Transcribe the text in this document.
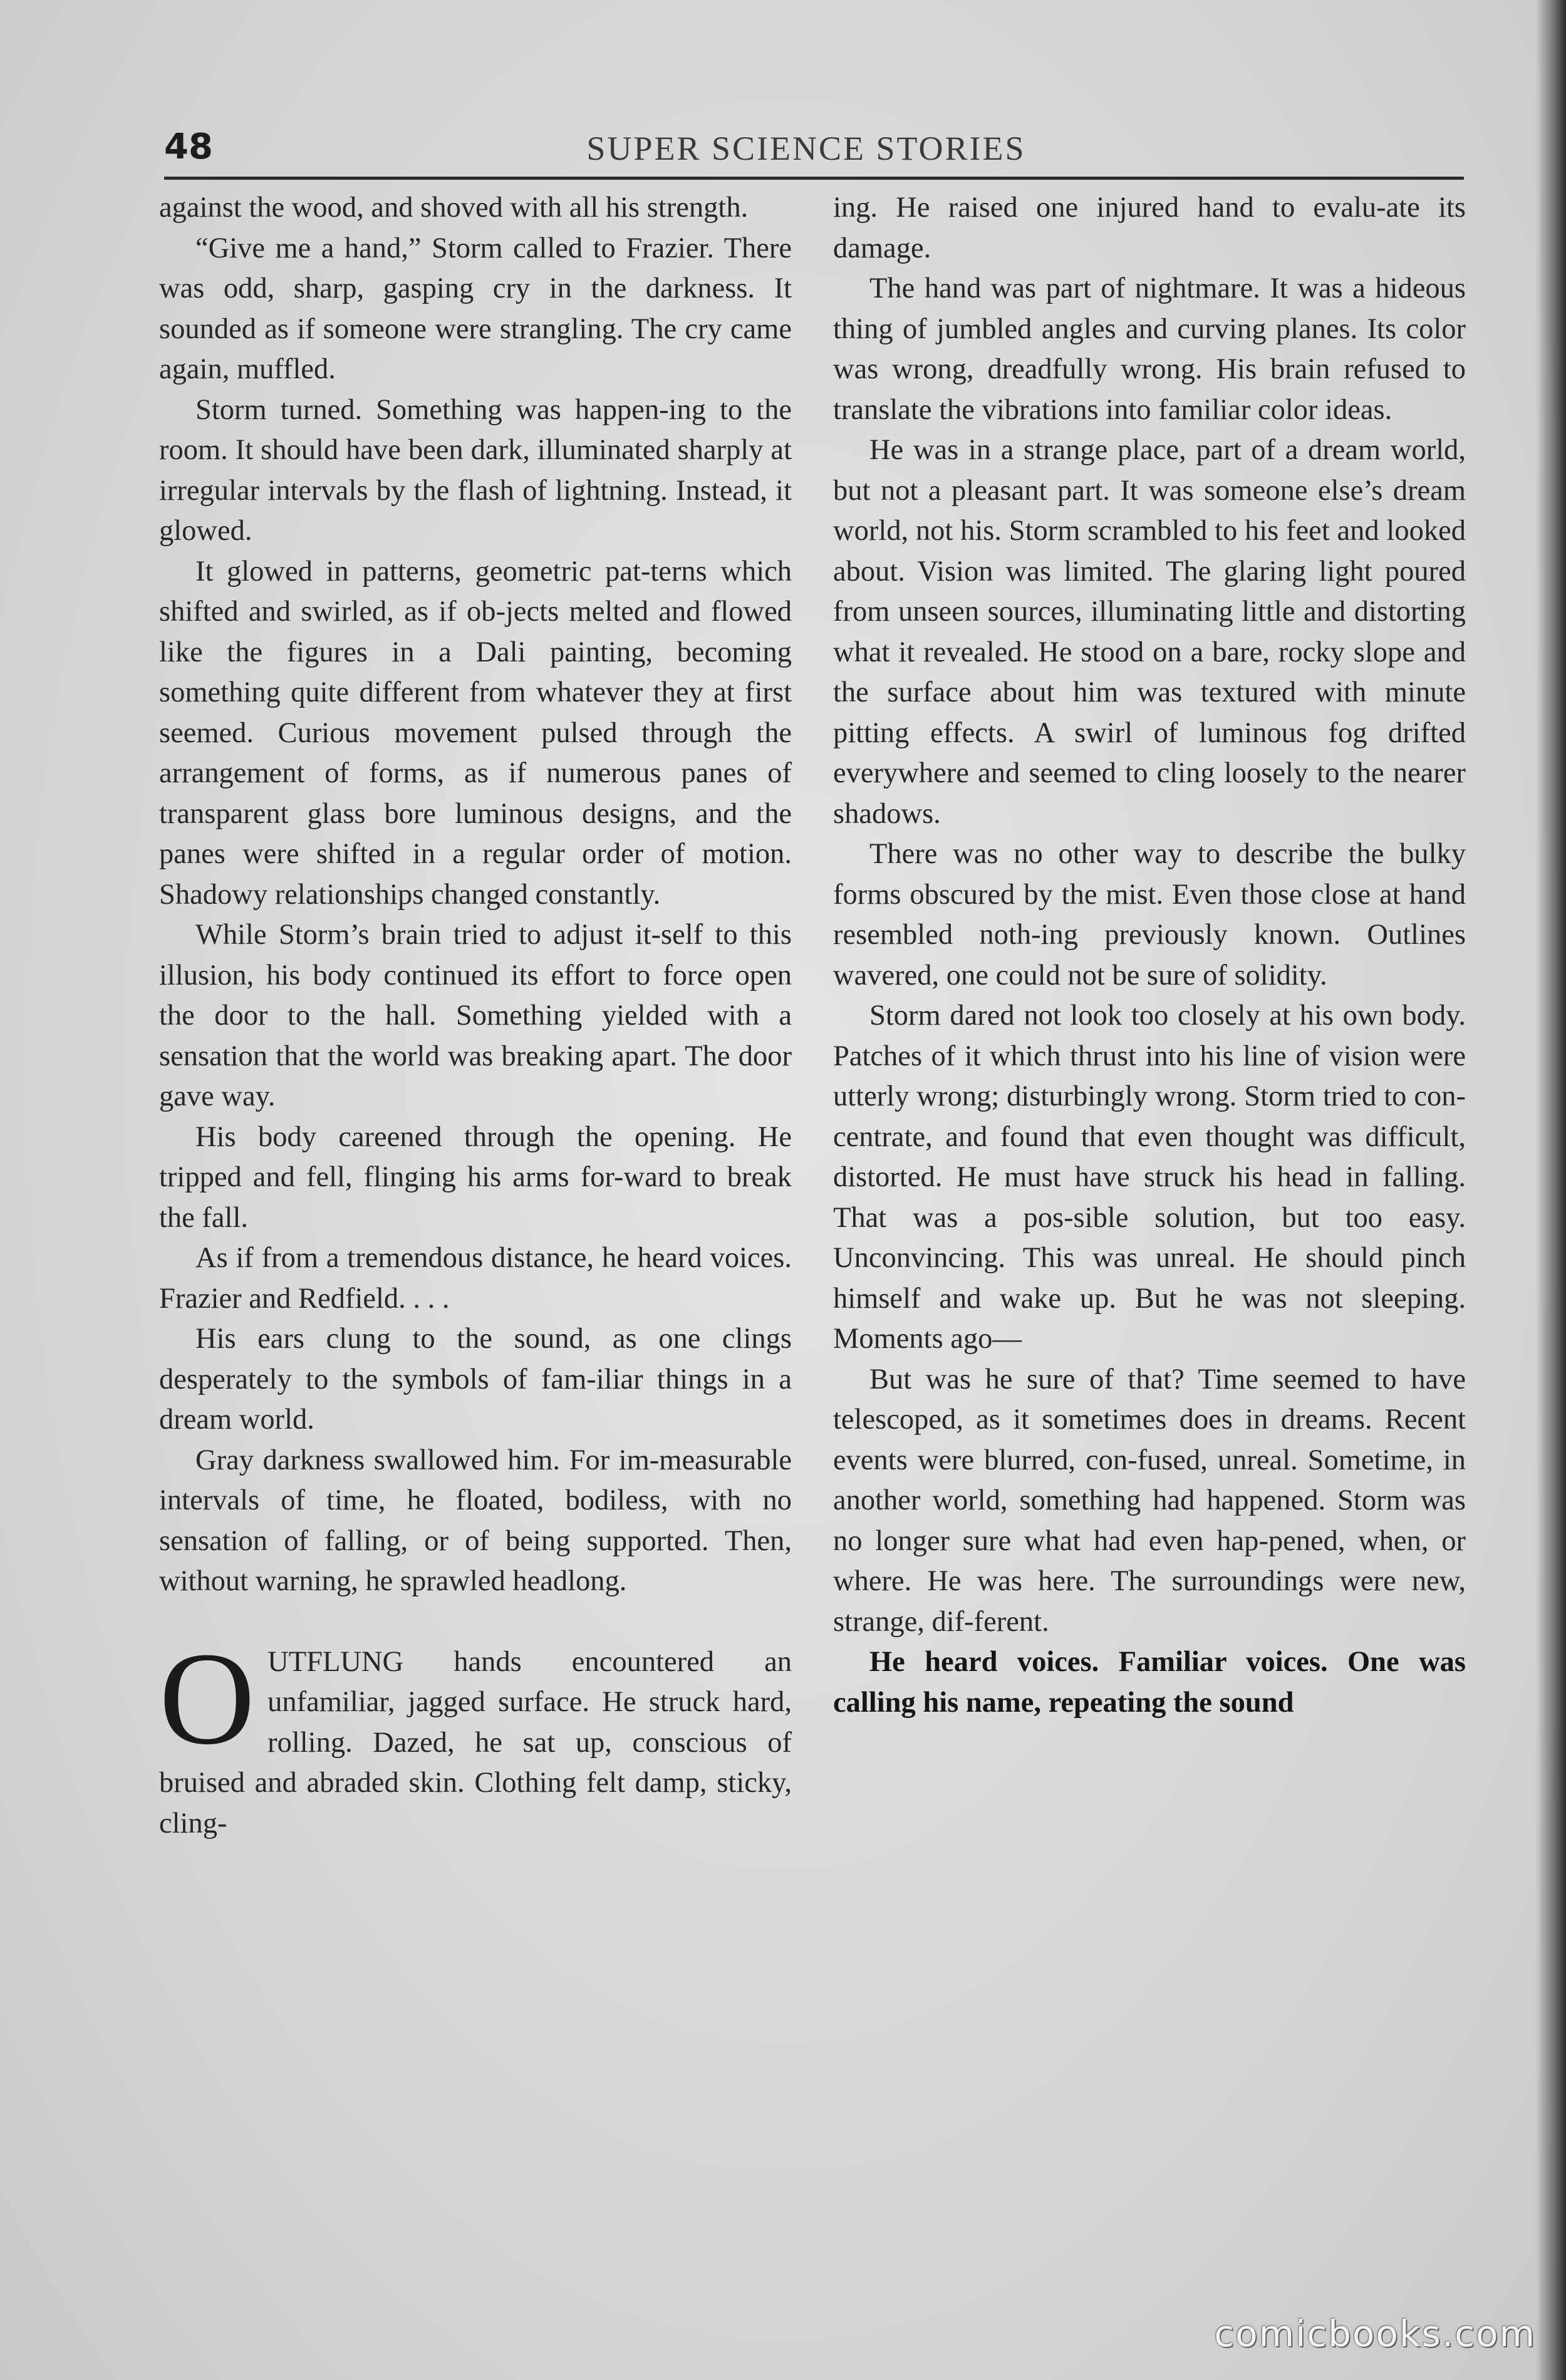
48	SUPER SCIENCE STORIES

against the wood, and shoved with all his strength.

“Give me a hand,” Storm called to Frazier. There was odd, sharp, gasping cry in the darkness. It sounded as if someone were strangling. The cry came again, muffled.

Storm turned. Something was happen-ing to the room. It should have been dark, illuminated sharply at irregular intervals by the flash of lightning. Instead, it glowed.

It glowed in patterns, geometric pat-terns which shifted and swirled, as if ob-jects melted and flowed like the figures in a Dali painting, becoming something quite different from whatever they at first seemed. Curious movement pulsed through the arrangement of forms, as if numerous panes of transparent glass bore luminous designs, and the panes were shifted in a regular order of motion. Shadowy relationships changed constantly.

While Storm’s brain tried to adjust it-self to this illusion, his body continued its effort to force open the door to the hall. Something yielded with a sensation that the world was breaking apart. The door gave way.

His body careened through the opening. He tripped and fell, flinging his arms for-ward to break the fall.

As if from a tremendous distance, he heard voices. Frazier and Redfield. . . .

His ears clung to the sound, as one clings desperately to the symbols of fam-iliar things in a dream world.

Gray darkness swallowed him. For im-measurable intervals of time, he floated, bodiless, with no sensation of falling, or of being supported. Then, without warning, he sprawled headlong.

OUTFLUNG hands encountered an unfamiliar, jagged surface. He struck hard, rolling. Dazed, he sat up, conscious of bruised and abraded skin. Clothing felt damp, sticky, cling-

ing. He raised one injured hand to evalu-ate its damage.

The hand was part of nightmare. It was a hideous thing of jumbled angles and curving planes. Its color was wrong, dreadfully wrong. His brain refused to translate the vibrations into familiar color ideas.

He was in a strange place, part of a dream world, but not a pleasant part. It was someone else’s dream world, not his. Storm scrambled to his feet and looked about. Vision was limited. The glaring light poured from unseen sources, illuminating little and distorting what it revealed. He stood on a bare, rocky slope and the surface about him was textured with minute pitting effects. A swirl of luminous fog drifted everywhere and seemed to cling loosely to the nearer shadows.

There was no other way to describe the bulky forms obscured by the mist. Even those close at hand resembled noth-ing previously known. Outlines wavered, one could not be sure of solidity.

Storm dared not look too closely at his own body. Patches of it which thrust into his line of vision were utterly wrong; disturbingly wrong. Storm tried to con-centrate, and found that even thought was difficult, distorted. He must have struck his head in falling. That was a pos-sible solution, but too easy. Unconvincing. This was unreal. He should pinch himself and wake up. But he was not sleeping. Moments ago—

But was he sure of that? Time seemed to have telescoped, as it sometimes does in dreams. Recent events were blurred, con-fused, unreal. Sometime, in another world, something had happened. Storm was no longer sure what had even hap-pened, when, or where. He was here. The surroundings were new, strange, dif-ferent.

He heard voices. Familiar voices. One was calling his name, repeating the sound

comicbooks.com
